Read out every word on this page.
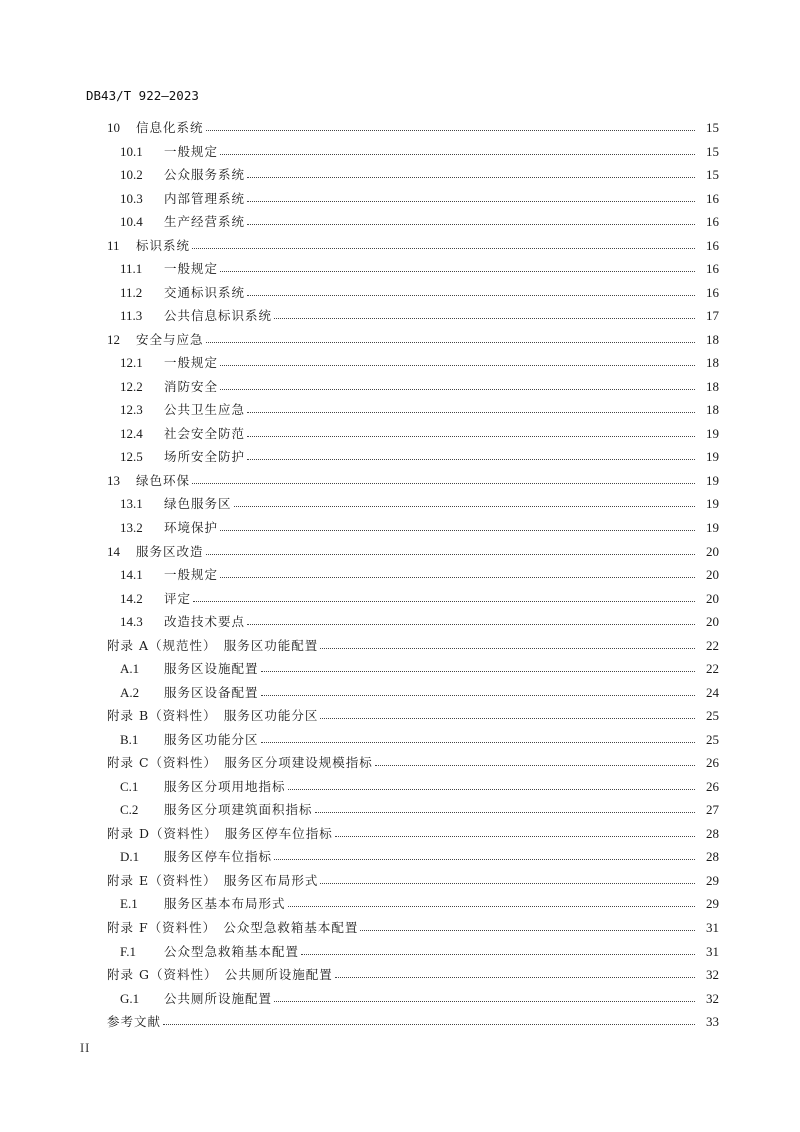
DB43/T 922—2023
10	信息化系统	15
10.1	一般规定	15
10.2	公众服务系统	15
10.3	内部管理系统	16
10.4	生产经营系统	16
11	标识系统	16
11.1	一般规定	16
11.2	交通标识系统	16
11.3	公共信息标识系统	17
12	安全与应急	18
12.1	一般规定	18
12.2	消防安全	18
12.3	公共卫生应急	18
12.4	社会安全防范	19
12.5	场所安全防护	19
13	绿色环保	19
13.1	绿色服务区	19
13.2	环境保护	19
14	服务区改造	20
14.1	一般规定	20
14.2	评定	20
14.3	改造技术要点	20
附录 A（规范性）　服务区功能配置	22
A.1	服务区设施配置	22
A.2	服务区设备配置	24
附录 B（资料性）　服务区功能分区	25
B.1	服务区功能分区	25
附录 C（资料性）　服务区分项建设规模指标	26
C.1	服务区分项用地指标	26
C.2	服务区分项建筑面积指标	27
附录 D（资料性）　服务区停车位指标	28
D.1	服务区停车位指标	28
附录 E（资料性）　服务区布局形式	29
E.1	服务区基本布局形式	29
附录 F（资料性）　公众型急救箱基本配置	31
F.1	公众型急救箱基本配置	31
附录 G（资料性）　公共厕所设施配置	32
G.1	公共厕所设施配置	32
参考文献	33
II
